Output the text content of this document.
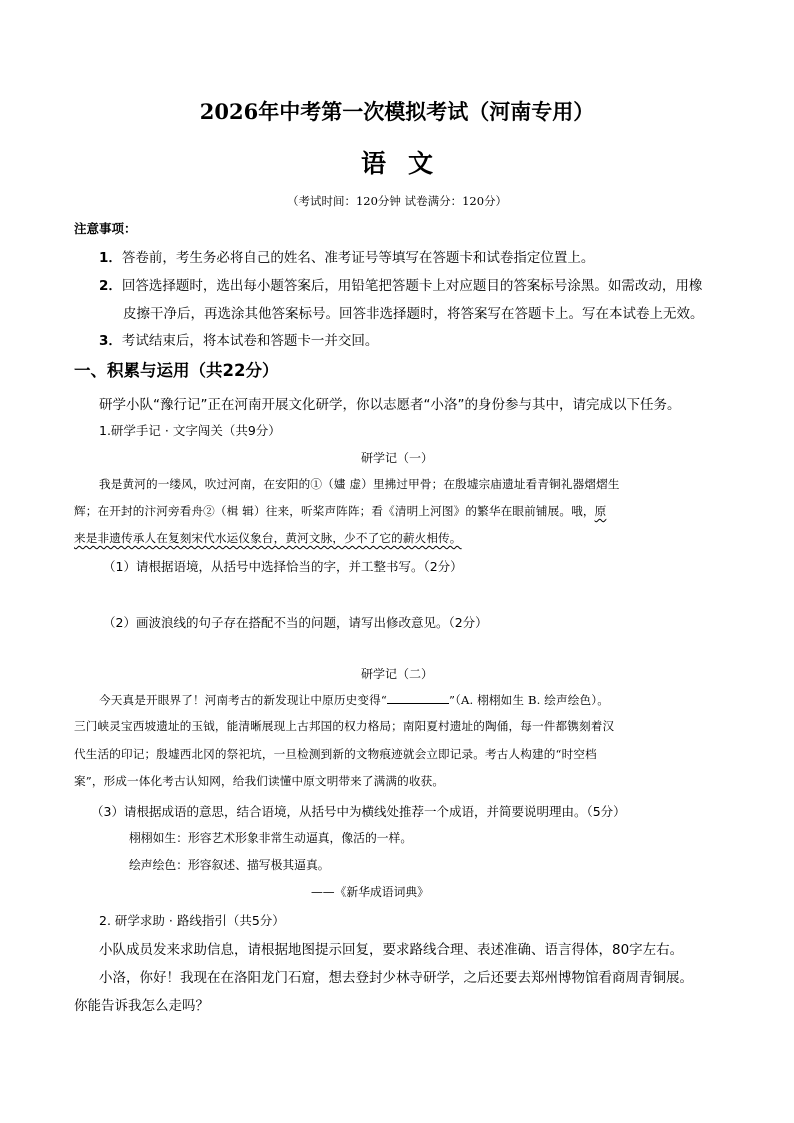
2026年中考第一次模拟考试（河南专用）
语文
（考试时间：120分钟 试卷满分：120分）
注意事项：
1．答卷前，考生务必将自己的姓名、准考证号等填写在答题卡和试卷指定位置上。
2．回答选择题时，选出每小题答案后，用铅笔把答题卡上对应题目的答案标号涂黑。如需改动，用橡
皮擦干净后，再选涂其他答案标号。回答非选择题时，将答案写在答题卡上。写在本试卷上无效。
3．考试结束后，将本试卷和答题卡一并交回。
一、积累与运用（共22分）
研学小队“豫行记”正在河南开展文化研学，你以志愿者“小洛”的身份参与其中，请完成以下任务。
1.研学手记 · 文字闯关（共9分）
研学记（一）
我是黄河的一缕风，吹过河南，在安阳的①（嫿 虚）里拂过甲骨；在殷墟宗庙遗址看青铜礼器熠熠生
辉；在开封的汴河旁看舟②（楫 辑）往来，听桨声阵阵；看《清明上河图》的繁华在眼前铺展。哦，原
来是非遗传承人在复刻宋代水运仪象台，黄河文脉，少不了它的薪火相传。
（1）请根据语境，从括号中选择恰当的字，并工整书写。（2分）
（2）画波浪线的句子存在搭配不当的问题，请写出修改意见。（2分）
研学记（二）
今天真是开眼界了！河南考古的新发现让中原历史变得“	”（A. 栩栩如生 B. 绘声绘色）。
三门峡灵宝西坡遗址的玉钺，能清晰展现上古邦国的权力格局；南阳夏村遗址的陶俑，每一件都镌刻着汉
代生活的印记；殷墟西北冈的祭祀坑，一旦检测到新的文物痕迹就会立即记录。考古人构建的“时空档
案”，形成一体化考古认知网，给我们读懂中原文明带来了满满的收获。
（3）请根据成语的意思，结合语境，从括号中为横线处推荐一个成语，并简要说明理由。（5分）
栩栩如生：形容艺术形象非常生动逼真，像活的一样。
绘声绘色：形容叙述、描写极其逼真。
——《新华成语词典》
2. 研学求助 · 路线指引（共5分）
小队成员发来求助信息，请根据地图提示回复，要求路线合理、表述准确、语言得体，80字左右。
小洛，你好！我现在在洛阳龙门石窟，想去登封少林寺研学，之后还要去郑州博物馆看商周青铜展。
你能告诉我怎么走吗？
